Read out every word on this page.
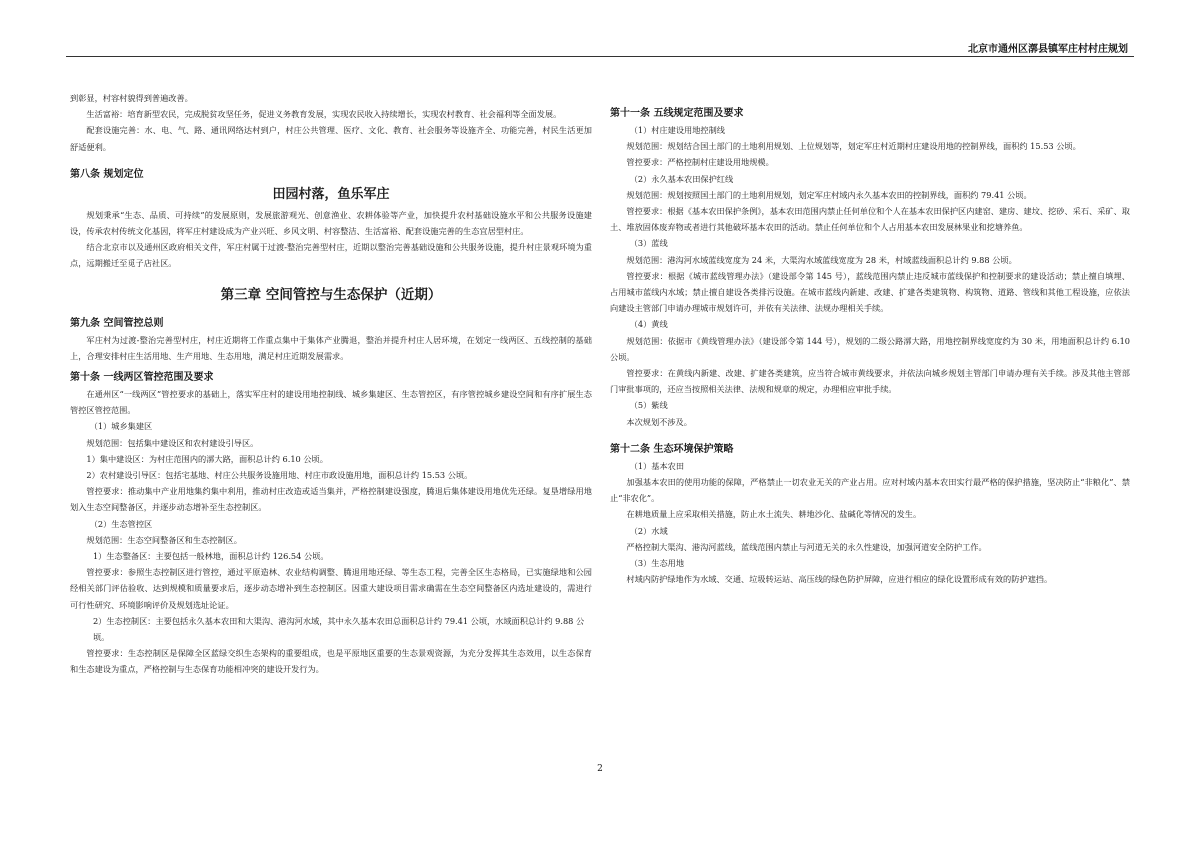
北京市通州区漷县镇军庄村村庄规划

到彰显，村容村貌得到普遍改善。

生活富裕：培育新型农民，完成脱贫攻坚任务，促进义务教育发展，实现农民收入持续增长，实现农村教育、社会福利等全面发展。

配套设施完善：水、电、气、路、通讯网络达村到户，村庄公共管理、医疗、文化、教育、社会服务等设施齐全、功能完善，村民生活更加舒适便利。

第八条 规划定位

田园村落，鱼乐军庄

规划秉承“生态、品质、可持续”的发展原则，发展旅游观光、创意渔业、农耕体验等产业，加快提升农村基础设施水平和公共服务设施建设，传承农村传统文化基因，将军庄村建设成为产业兴旺、乡风文明、村容整洁、生活富裕、配套设施完善的生态宜居型村庄。

结合北京市以及通州区政府相关文件，军庄村属于过渡-整治完善型村庄，近期以整治完善基础设施和公共服务设施，提升村庄景观环境为重点，远期搬迁至觅子店社区。

第三章 空间管控与生态保护（近期）

第九条 空间管控总则

军庄村为过渡-整治完善型村庄，村庄近期将工作重点集中于集体产业腾退，整治并提升村庄人居环境，在划定一线两区、五线控制的基础上，合理安排村庄生活用地、生产用地、生态用地，满足村庄近期发展需求。

第十条 一线两区管控范围及要求

在通州区“一线两区”管控要求的基础上，落实军庄村的建设用地控制线、城乡集建区、生态管控区，有序管控城乡建设空间和有序扩展生态管控区管控范围。

（1）城乡集建区

规划范围：包括集中建设区和农村建设引导区。

1）集中建设区：为村庄范围内的漷大路，面积总计约 6.10 公顷。

2）农村建设引导区：包括宅基地、村庄公共服务设施用地、村庄市政设施用地，面积总计约 15.53 公顷。

管控要求：推动集中产业用地集约集中利用，推动村庄改造或适当集并，严格控制建设强度，腾退后集体建设用地优先还绿。复垦增绿用地划入生态空间整备区，并逐步动态增补至生态控制区。

（2）生态管控区

规划范围：生态空间整备区和生态控制区。

1）生态整备区：主要包括一般林地，面积总计约 126.54 公顷。

管控要求：参照生态控制区进行管控，通过平原造林、农业结构调整、腾退用地还绿、等生态工程，完善全区生态格局，已实施绿地和公园经相关部门评估验收、达到规模和质量要求后，逐步动态增补到生态控制区。因重大建设项目需求确需在生态空间整备区内选址建设的，需进行可行性研究、环境影响评价及规划选址论证。

2）生态控制区：主要包括永久基本农田和大渠沟、港沟河水域，其中永久基本农田总面积总计约 79.41 公顷，水域面积总计约 9.88 公顷。

管控要求：生态控制区是保障全区蓝绿交织生态架构的重要组成，也是平原地区重要的生态景观资源，为充分发挥其生态效用，以生态保育和生态建设为重点，严格控制与生态保育功能相冲突的建设开发行为。

第十一条 五线规定范围及要求

（1）村庄建设用地控制线

规划范围：规划结合国土部门的土地利用规划、上位规划等，划定军庄村近期村庄建设用地的控制界线，面积约 15.53 公顷。

管控要求：严格控制村庄建设用地规模。

（2）永久基本农田保护红线

规划范围：规划按照国土部门的土地利用规划，划定军庄村域内永久基本农田的控制界线，面积约 79.41 公顷。

管控要求：根据《基本农田保护条例》，基本农田范围内禁止任何单位和个人在基本农田保护区内建窑、建房、建坟、挖砂、采石、采矿、取土、堆放固体废弃物或者进行其他破坏基本农田的活动。禁止任何单位和个人占用基本农田发展林果业和挖塘养鱼。

（3）蓝线

规划范围：港沟河水域蓝线宽度为 24 米，大渠沟水域蓝线宽度为 28 米，村域蓝线面积总计约 9.88 公顷。

管控要求：根据《城市蓝线管理办法》（建设部令第 145 号），蓝线范围内禁止违反城市蓝线保护和控制要求的建设活动；禁止擅自填埋、占用城市蓝线内水域；禁止擅自建设各类排污设施。在城市蓝线内新建、改建、扩建各类建筑物、构筑物、道路、管线和其他工程设施，应依法向建设主管部门申请办理城市规划许可，并依有关法律、法规办理相关手续。

（4）黄线

规划范围：依据市《黄线管理办法》（建设部令第 144 号），规划的二级公路漷大路，用地控制界线宽度约为 30 米，用地面积总计约 6.10 公顷。

管控要求：在黄线内新建、改建、扩建各类建筑，应当符合城市黄线要求，并依法向城乡规划主管部门申请办理有关手续。涉及其他主管部门审批事项的，还应当按照相关法律、法规和规章的规定，办理相应审批手续。

（5）紫线

本次规划不涉及。

第十二条 生态环境保护策略

（1）基本农田

加强基本农田的使用功能的保障，严格禁止一切农业无关的产业占用。应对村域内基本农田实行最严格的保护措施，坚决防止“非粮化”、禁止“非农化”。

在耕地质量上应采取相关措施，防止水土流失、耕地沙化、盐碱化等情况的发生。

（2）水域

严格控制大渠沟、港沟河蓝线，蓝线范围内禁止与河道无关的永久性建设，加强河道安全防护工作。

（3）生态用地

村域内防护绿地作为水域、交通、垃圾转运站、高压线的绿色防护屏障，应进行相应的绿化设置形成有效的防护遮挡。

2
